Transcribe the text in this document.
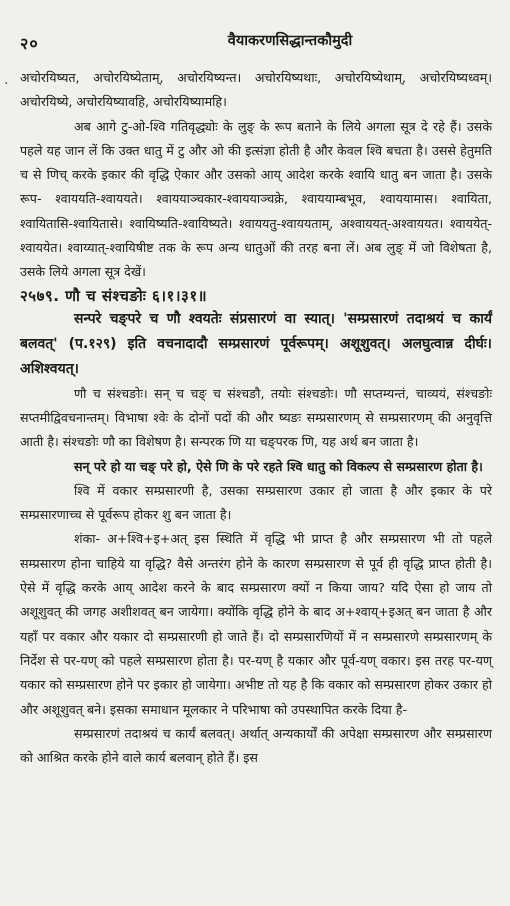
२०	वैयाकरणसिद्धान्तकौमुदी
· अचोरयिष्यत, अचोरयिष्येताम्, अचोरयिष्यन्त। अचोरयिष्यथाः, अचोरयिष्येथाम्, अचोरयिष्यध्वम्। अचोरयिष्ये, अचोरयिष्यावहि, अचोरयिष्यामहि।

अब आगे टु-ओ-श्वि गतिवृद्ध्योः के लुङ् के रूप बताने के लिये अगला सूत्र दे रहे हैं। उसके पहले यह जान लें कि उक्त धातु में टु और ओ की इत्संज्ञा होती है और केवल श्वि बचता है। उससे हेतुमति च से णिच् करके इकार की वृद्धि ऐकार और उसको आय् आदेश करके श्वायि धातु बन जाता है। उसके रूप- श्वाययति-श्वाययते। श्वाययाञ्चकार-श्वाययाञ्चक्रे, श्वाययाम्बभूव, श्वाययामास। श्वायिता, श्वायितासि-श्वायितासे। श्वायिष्यति-श्वायिष्यते। श्वाययतु-श्वाययताम्, अश्वाययत्-अश्वाययत। श्वाययेत्-श्वाययेत। श्वाय्यात्-श्वायिषीष्ट तक के रूप अन्य धातुओं की तरह बना लें। अब लुङ् में जो विशेषता है, उसके लिये अगला सूत्र देखें।

२५७९. णौ च संश्चङोः ६।१।३१॥

सन्परे चङ्परे च णौ श्वयतेः संप्रसारणं वा स्यात्। 'सम्प्रसारणं तदाश्रयं च कार्यं बलवत्' (प.१२९) इति वचनादादौ सम्प्रसारणं पूर्वरूपम्। अशूशुवत्। अलघुत्वान्न दीर्घः। अशिश्वयत्।

णौ च संश्चङोः। सन् च चङ् च संश्चङौ, तयोः संश्चङोः। णौ सप्तम्यन्तं, चाव्ययं, संश्चङोः सप्तमीद्विवचनान्तम्। विभाषा श्वेः के दोनों पदों की और ष्यङः सम्प्रसारणम् से सम्प्रसारणम् की अनुवृत्ति आती है। संश्चङोः णौ का विशेषण है। सन्परक णि या चङ्परक णि, यह अर्थ बन जाता है।

सन् परे हो या चङ् परे हो, ऐसे णि के परे रहते श्वि धातु को विकल्प से सम्प्रसारण होता है।

श्वि में वकार सम्प्रसारणी है, उसका सम्प्रसारण उकार हो जाता है और इकार के परे सम्प्रसारणाच्च से पूर्वरूप होकर शु बन जाता है।

शंका- अ+श्वि+इ+अत् इस स्थिति में वृद्धि भी प्राप्त है और सम्प्रसारण भी तो पहले सम्प्रसारण होना चाहिये या वृद्धि? वैसे अन्तरंग होने के कारण सम्प्रसारण से पूर्व ही वृद्धि प्राप्त होती है। ऐसे में वृद्धि करके आय् आदेश करने के बाद सम्प्रसारण क्यों न किया जाय? यदि ऐसा हो जाय तो अशूशुवत् की जगह अशीशवत् बन जायेगा। क्योंकि वृद्धि होने के बाद अ+श्वाय्+इअत् बन जाता है और यहाँ पर वकार और यकार दो सम्प्रसारणी हो जाते हैं। दो सम्प्रसारणियों में न सम्प्रसारणे सम्प्रसारणम् के निर्देश से पर-यण् को पहले सम्प्रसारण होता है। पर-यण् है यकार और पूर्व-यण् वकार। इस तरह पर-यण् यकार को सम्प्रसारण होने पर इकार हो जायेगा। अभीष्ट तो यह है कि वकार को सम्प्रसारण होकर उकार हो और अशूशुवत् बने। इसका समाधान मूलकार ने परिभाषा को उपस्थापित करके दिया है-

सम्प्रसारणं तदाश्रयं च कार्यं बलवत्। अर्थात् अन्यकार्यों की अपेक्षा सम्प्रसारण और सम्प्रसारण को आश्रित करके होने वाले कार्य बलवान् होते हैं। इस
